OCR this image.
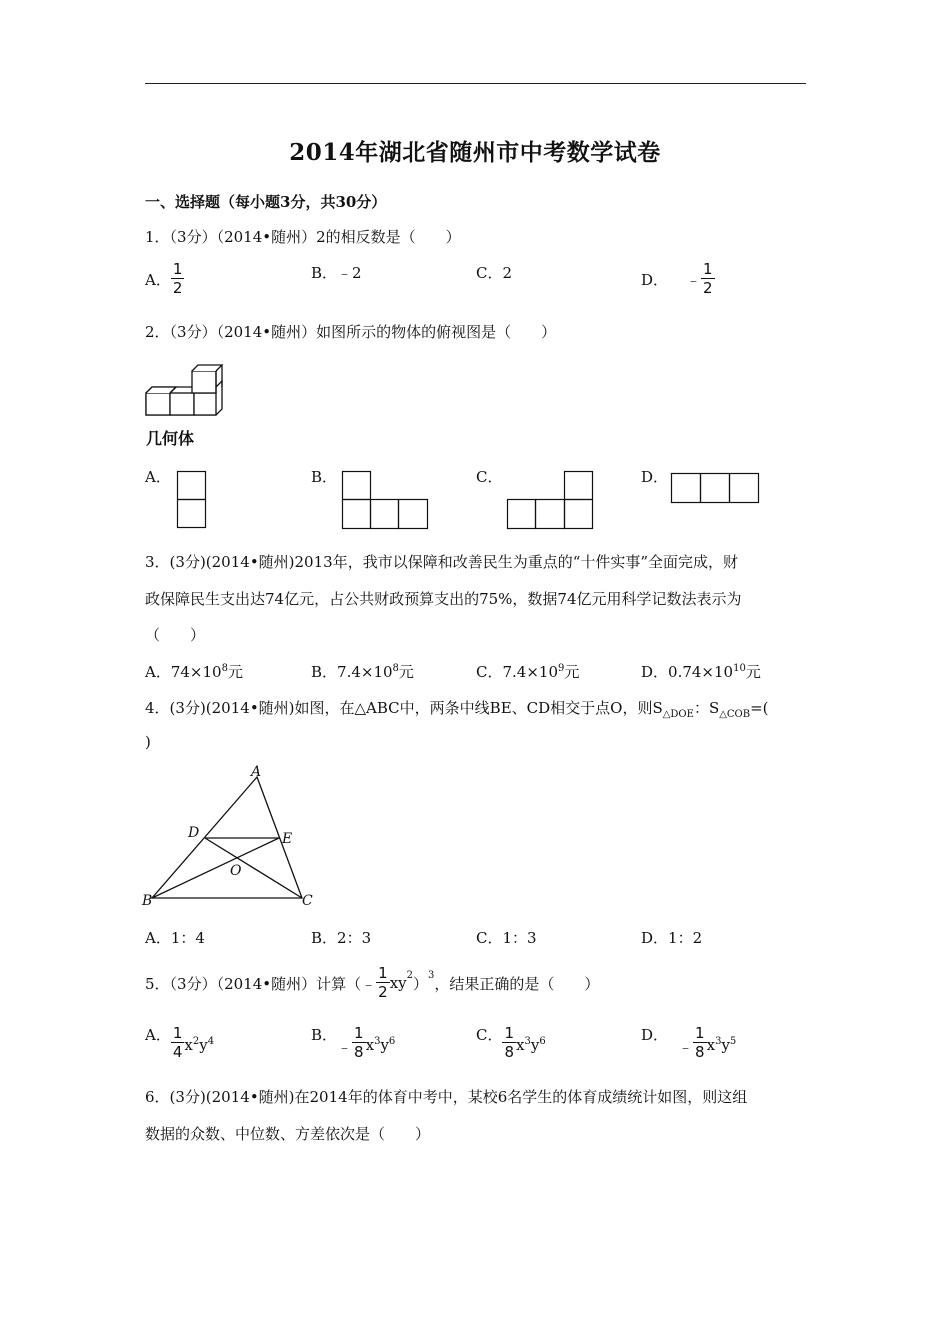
2014年湖北省随州市中考数学试卷
一、选择题（每小题3分，共30分）
1．（3分）（2014•随州）2的相反数是（　　）
A． $\frac{1}{2}$	B．﹣2	C．2	D． ﹣ $\frac{1}{2}$
2．（3分）（2014•随州）如图所示的物体的俯视图是（　　）
几何体
A．	B．	C．	D．
3．(3分)(2014•随州)2013年，我市以保障和改善民生为重点的“十件实事”全面完成，财
政保障民生支出达74亿元，占公共财政预算支出的75%，数据74亿元用科学记数法表示为
（　　）
A．$74\times 10^8$元	B．$7.4\times 10^8$元	C．$7.4\times 10^9$元	D．$0.74\times 10^{10}$元
4．(3分)(2014•随州)如图，在△ABC中，两条中线BE、CD相交于点O，则$S_{\triangle DOE}$：$S_{\triangle COB}=$(
)
A
B	C
D	E
O
A．1：4	B．2：3	C．1：3	D．1：2
5．（3分）（2014•随州）计算（ ﹣ $\frac{1}{2} xy^2$ ）$^3$ ，结果正确的是（　　）
A． $\frac{1}{4} x^2y^4$	B．
﹣ $\frac{1}{8} x^3y^6$	C． $\frac{1}{8} x^3y^6$	D．
﹣ $\frac{1}{8} x^3y^5$
6．(3分)(2014•随州)在2014年的体育中考中，某校6名学生的体育成绩统计如图，则这组
数据的众数、中位数、方差依次是（　　）
